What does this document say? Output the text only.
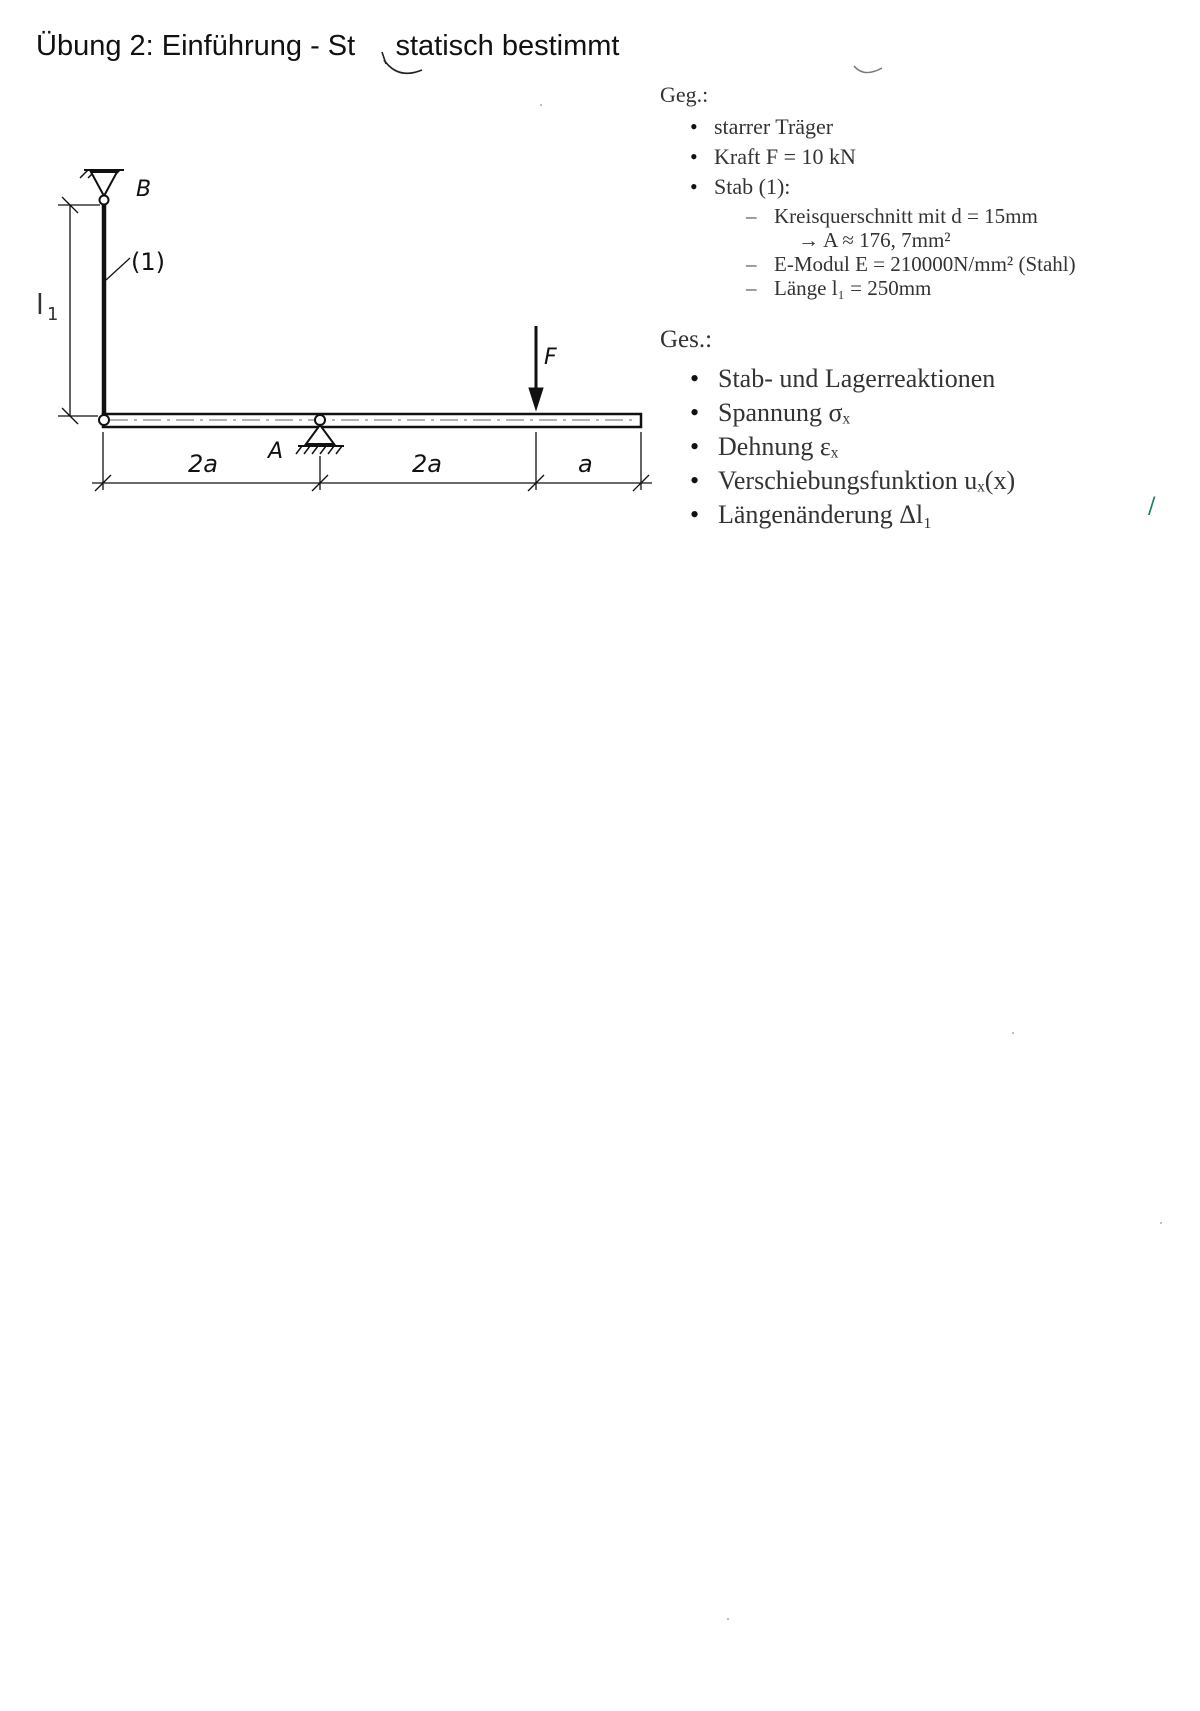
Übung 2: Einführung - St     statisch bestimmt
B
(1)
A
F
2a	2a	a
l 1
Geg.:
• starrer Träger
• Kraft F = 10 kN
• Stab (1):
– Kreisquerschnitt mit d = 15mm
→ A ≈ 176, 7mm²
– E-Modul E = 210000N/mm² (Stahl)
– Länge l₁ = 250mm
Ges.:
• Stab- und Lagerreaktionen
• Spannung σₓ
• Dehnung εₓ
• Verschiebungsfunktion uₓ(x)
• Längenänderung Δl₁	/
